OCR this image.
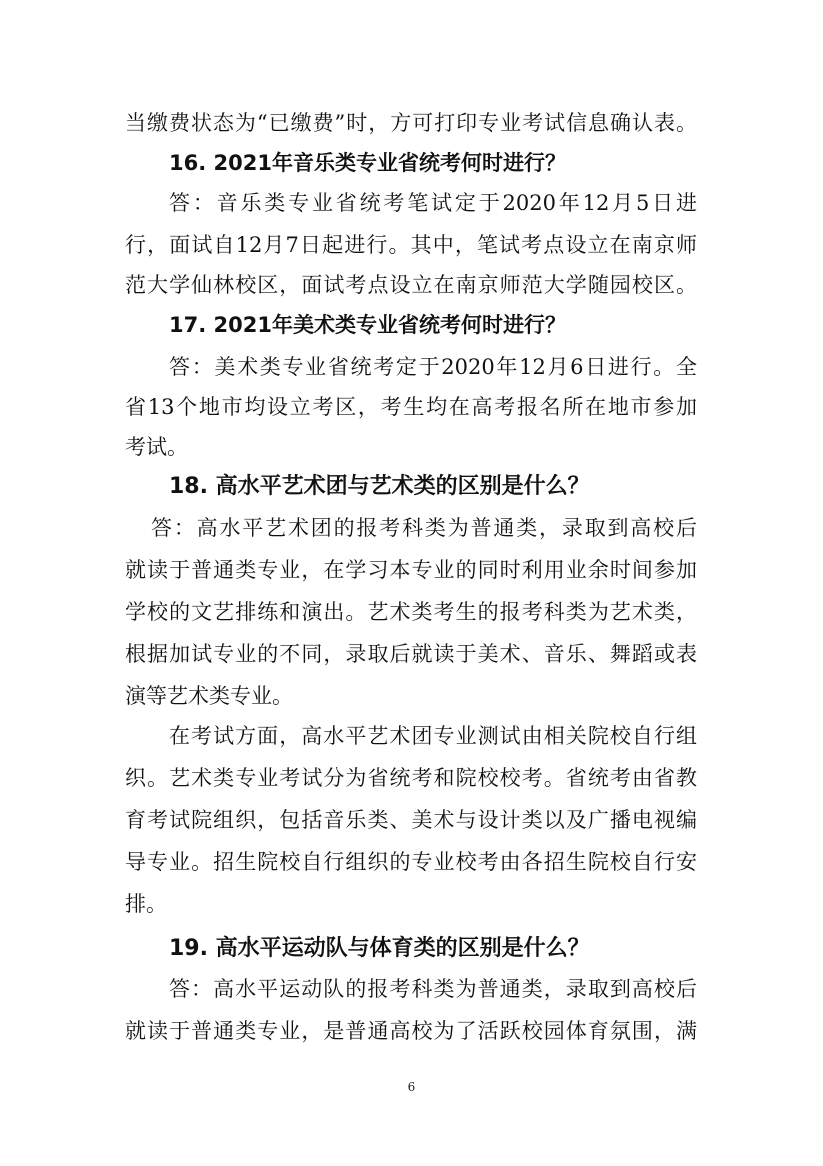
当缴费状态为“已缴费”时，方可打印专业考试信息确认表。
16. 2021年音乐类专业省统考何时进行？
答：音乐类专业省统考笔试定于2020年12月5日进
行，面试自12月7日起进行。其中，笔试考点设立在南京师
范大学仙林校区，面试考点设立在南京师范大学随园校区。
17. 2021年美术类专业省统考何时进行？
答：美术类专业省统考定于2020年12月6日进行。全
省13个地市均设立考区，考生均在高考报名所在地市参加
考试。
18. 高水平艺术团与艺术类的区别是什么？
答：高水平艺术团的报考科类为普通类，录取到高校后
就读于普通类专业，在学习本专业的同时利用业余时间参加
学校的文艺排练和演出。艺术类考生的报考科类为艺术类，
根据加试专业的不同，录取后就读于美术、音乐、舞蹈或表
演等艺术类专业。
在考试方面，高水平艺术团专业测试由相关院校自行组
织。艺术类专业考试分为省统考和院校校考。省统考由省教
育考试院组织，包括音乐类、美术与设计类以及广播电视编
导专业。招生院校自行组织的专业校考由各招生院校自行安
排。
19. 高水平运动队与体育类的区别是什么？
答：高水平运动队的报考科类为普通类，录取到高校后
就读于普通类专业，是普通高校为了活跃校园体育氛围，满
6
